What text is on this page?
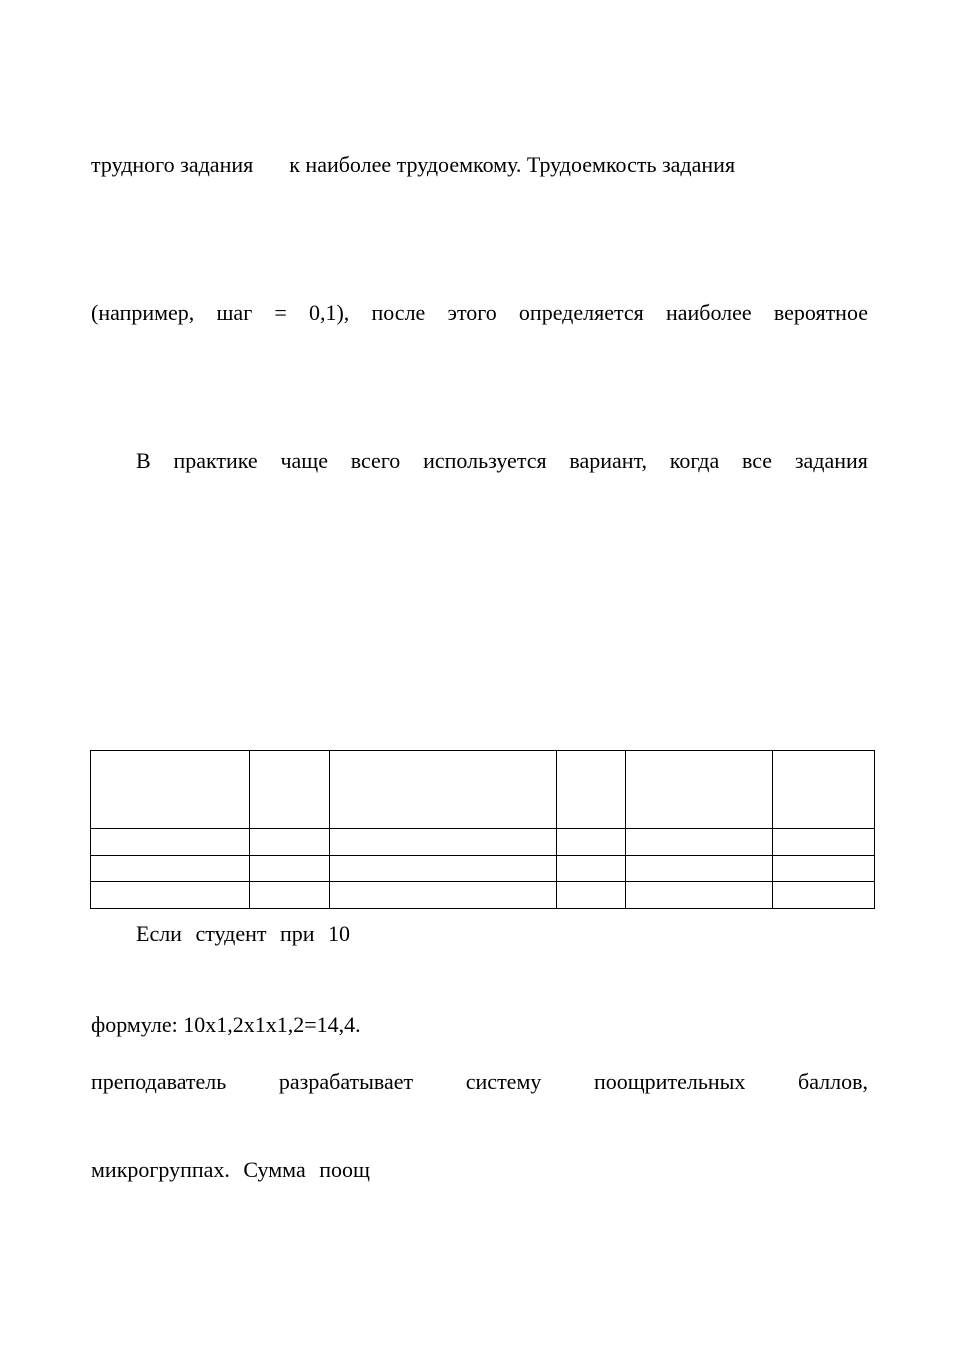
трудного задания к наиболее трудоемкому. Трудоемкость задания
(например, шаг = 0,1), после этого определяется наиболее вероятное
В практике чаще всего используется вариант, когда все задания

Если студент при 10
формуле: 10х1,2х1х1,2=14,4.
преподаватель разрабатывает систему поощрительных баллов,
микрогруппах. Сумма поощ
